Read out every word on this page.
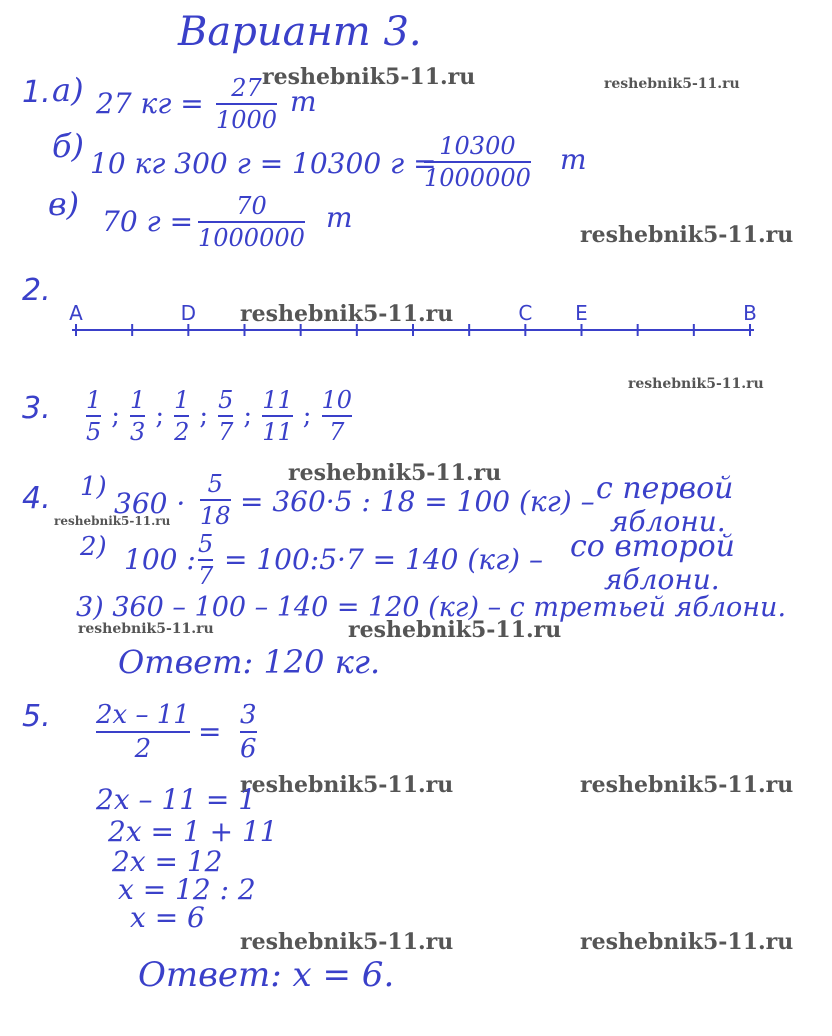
Вариант 3.
reshebnik5-11.ru	reshebnik5-11.ru
reshebnik5-11.ru
reshebnik5-11.ru
reshebnik5-11.ru
reshebnik5-11.ru
reshebnik5-11.ru
reshebnik5-11.ru	reshebnik5-11.ru
reshebnik5-11.ru	reshebnik5-11.ru
reshebnik5-11.ru	reshebnik5-11.ru
1. а) 27 кг = 27
1000
т
б) 10 кг 300 г = 10300 г =
10300
1000000
т
в) 70 г = 70
1000000
т
2.
A	D	C E	B
3. $\frac{1}{5}$ ; $\frac{1}{3}$ ; $\frac{1}{2}$ ; $\frac{5}{7}$ ; $\frac{11}{11}$ ; $\frac{10}{7}$
4. 1) 360 ·
5
18 = 360·5 : 18 = 100 (кг) – с первой
яблони.
2) 100 : 5
7 = 100:5·7 = 140 (кг) – со второй
яблони.
3) 360 – 100 – 140 = 120 (кг) – с третьей яблони.
Ответ: 120 кг.
5. 2x – 11
2
= 3
6
2x – 11 = 1
2x = 1 + 11
2x = 12
x = 12 : 2
x = 6
Ответ: x = 6.
